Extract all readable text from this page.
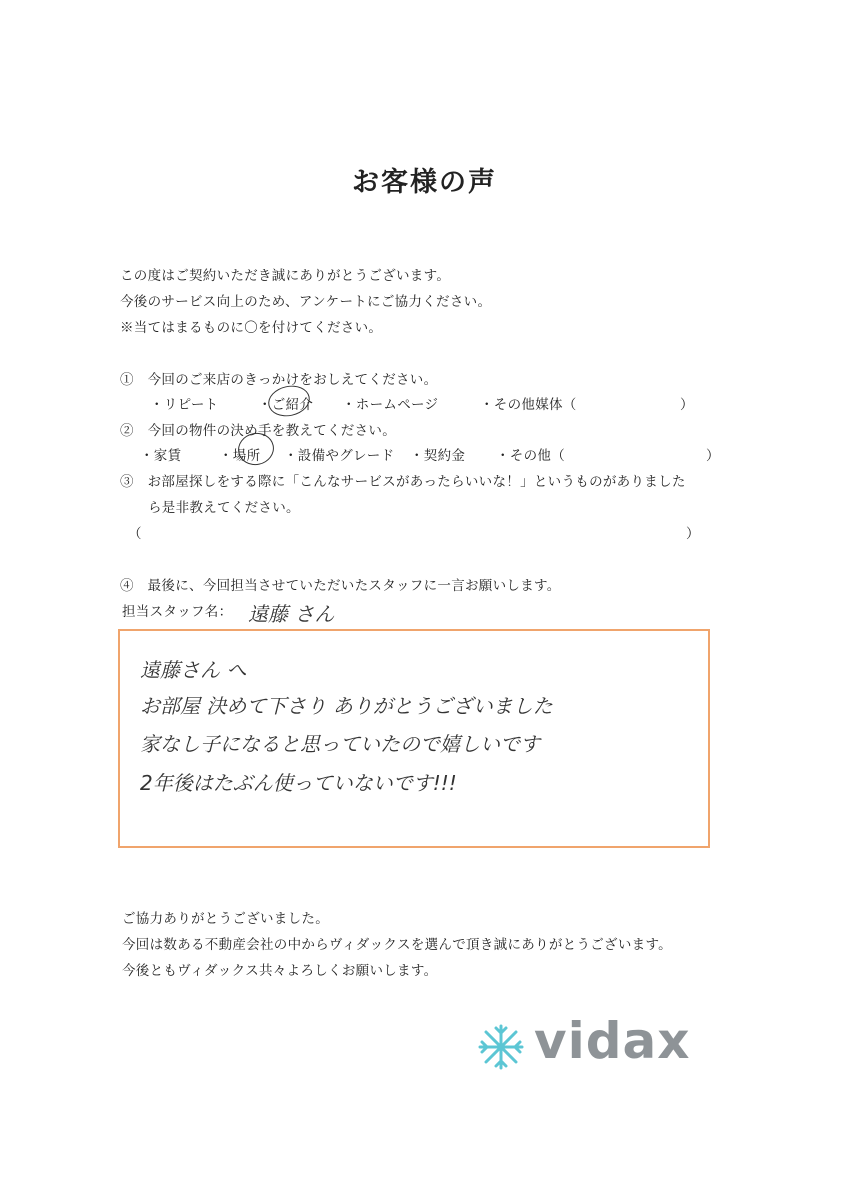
お客様の声
この度はご契約いただき誠にありがとうございます。
今後のサービス向上のため、アンケートにご協力ください。
※当てはまるものに〇を付けてください。
①　今回のご来店のきっかけをおしえてください。
・リピート	・ご紹介 ・ホームページ	・その他媒体（	）
②　今回の物件の決め手を教えてください。
・家賃	・場所 ・設備やグレード ・契約金 ・その他（	）
③　お部屋探しをする際に「こんなサービスがあったらいいな！」というものがありました
ら是非教えてください。
（	）
④　最後に、今回担当させていただいたスタッフに一言お願いします。
担当スタッフ名： 遠藤 さん
遠藤さん へ
お部屋 決めて下さり ありがとうございました
家なし子になると思っていたので嬉しいです
2年後はたぶん使っていないです!!!
ご協力ありがとうございました。
今回は数ある不動産会社の中からヴィダックスを選んで頂き誠にありがとうございます。
今後ともヴィダックス共々よろしくお願いします。
vidax
